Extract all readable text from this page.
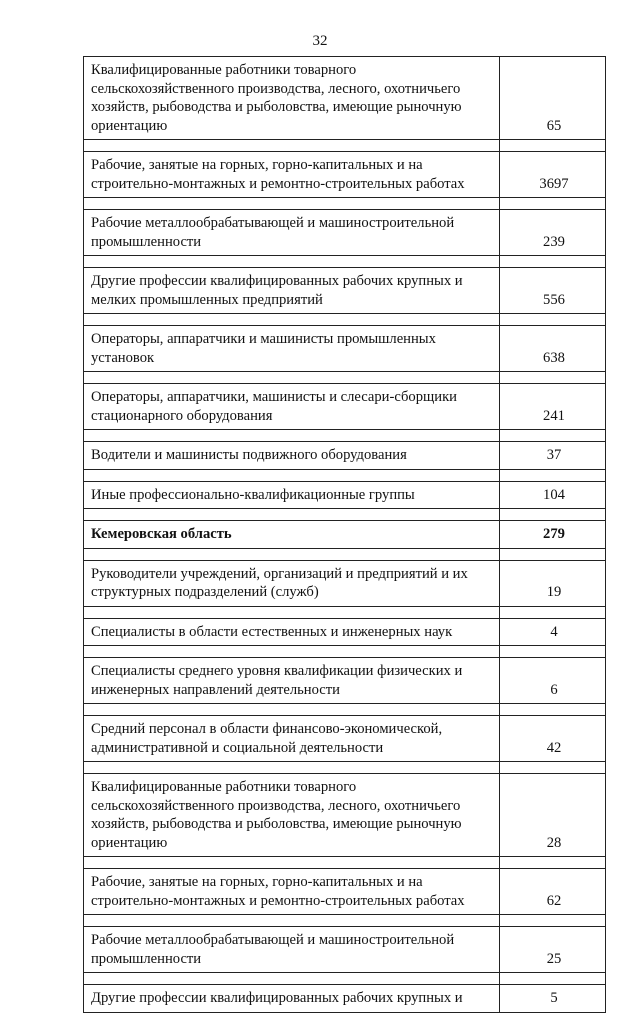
32
Квалифицированные работники товарного
сельскохозяйственного производства, лесного, охотничьего
хозяйств, рыбоводства и рыболовства, имеющие рыночную
ориентацию	65

Рабочие, занятые на горных, горно-капитальных и на
строительно-монтажных и ремонтно-строительных работах	3697

Рабочие металлообрабатывающей и машиностроительной
промышленности	239

Другие профессии квалифицированных рабочих крупных и
мелких промышленных предприятий	556

Операторы, аппаратчики и машинисты промышленных
установок	638

Операторы, аппаратчики, машинисты и слесари-сборщики
стационарного оборудования	241

Водители и машинисты подвижного оборудования	37

Иные профессионально-квалификационные группы	104

Кемеровская область	279

Руководители учреждений, организаций и предприятий и их
структурных подразделений (служб)	19

Специалисты в области естественных и инженерных наук	4

Специалисты среднего уровня квалификации физических и
инженерных направлений деятельности	6

Средний персонал в области финансово-экономической,
административной и социальной деятельности	42

Квалифицированные работники товарного
сельскохозяйственного производства, лесного, охотничьего
хозяйств, рыбоводства и рыболовства, имеющие рыночную
ориентацию	28

Рабочие, занятые на горных, горно-капитальных и на
строительно-монтажных и ремонтно-строительных работах	62

Рабочие металлообрабатывающей и машиностроительной
промышленности	25

Другие профессии квалифицированных рабочих крупных и	5
